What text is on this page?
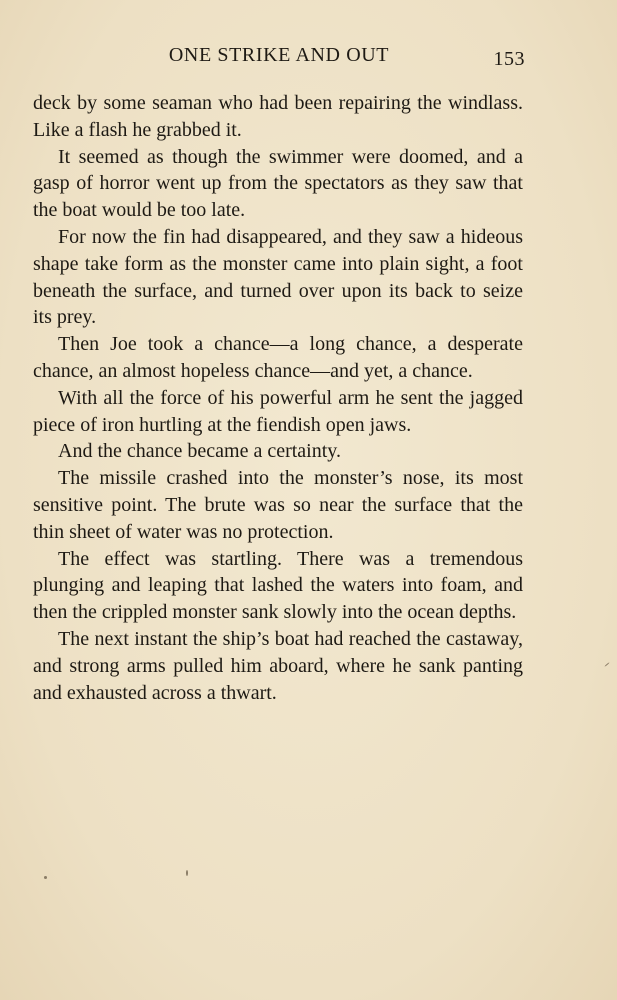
ONE STRIKE AND OUT	153

deck by some seaman who had been repairing the windlass. Like a flash he grabbed it.

It seemed as though the swimmer were doomed, and a gasp of horror went up from the spectators as they saw that the boat would be too late.

For now the fin had disappeared, and they saw a hideous shape take form as the monster came into plain sight, a foot beneath the surface, and turned over upon its back to seize its prey.

Then Joe took a chance—a long chance, a desperate chance, an almost hopeless chance—and yet, a chance.

With all the force of his powerful arm he sent the jagged piece of iron hurtling at the fiendish open jaws.

And the chance became a certainty.

The missile crashed into the monster’s nose, its most sensitive point. The brute was so near the surface that the thin sheet of water was no protection.

The effect was startling. There was a tremendous plunging and leaping that lashed the waters into foam, and then the crippled monster sank slowly into the ocean depths.

The next instant the ship’s boat had reached the castaway, and strong arms pulled him aboard, where he sank panting and exhausted across a thwart.
